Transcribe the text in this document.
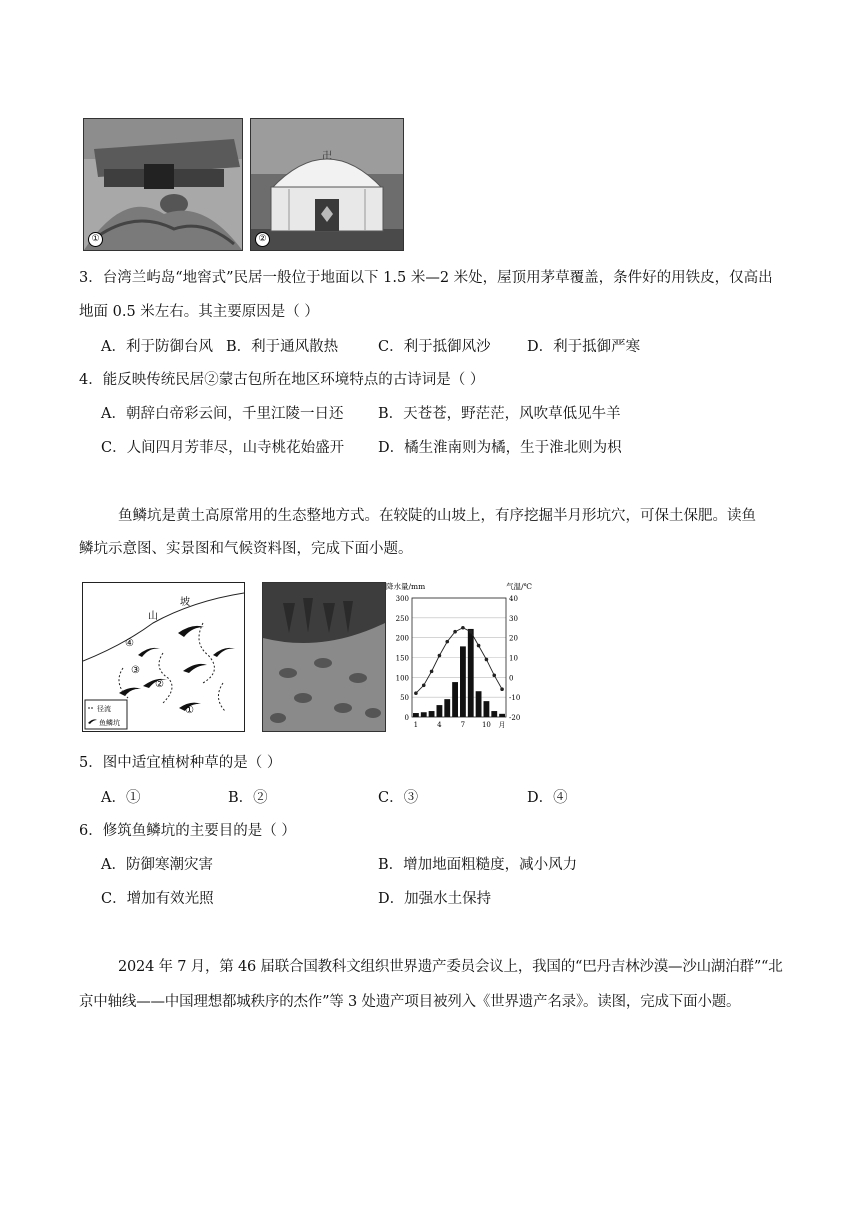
①
卍
②
3．台湾兰屿岛“地窖式”民居一般位于地面以下 1.5 米—2 米处，屋顶用茅草覆盖，条件好的用铁皮，仅高出
地面 0.5 米左右。其主要原因是（ ）
A．利于防御台风 B．利于通风散热	C．利于抵御风沙	D．利于抵御严寒
4．能反映传统民居②蒙古包所在地区环境特点的古诗词是（ ）
A．朝辞白帝彩云间，千里江陵一日还 B．天苍苍，野茫茫，风吹草低见牛羊
C．人间四月芳菲尽，山寺桃花始盛开 D．橘生淮南则为橘，生于淮北则为枳
鱼鳞坑是黄土高原常用的生态整地方式。在较陡的山坡上，有序挖掘半月形坑穴，可保土保肥。读鱼
鳞坑示意图、实景图和气候资料图，完成下面小题。
坡
山
④
③
②
①
径流
鱼鳞坑
300
250
200
150
100
50
0
40
30
20
10
0
-10
-20
1	4	7 10 月
降水量/mm	气温/℃
5．图中适宜植树种草的是（ ）
A．①	B．②	C．③	D．④
6．修筑鱼鳞坑的主要目的是（ ）
A．防御寒潮灾害	B．增加地面粗糙度，减小风力
C．增加有效光照	D．加强水土保持
2024 年 7 月，第 46 届联合国教科文组织世界遗产委员会议上，我国的“巴丹吉林沙漠—沙山湖泊群”“北
京中轴线——中国理想都城秩序的杰作”等 3 处遗产项目被列入《世界遗产名录》。读图，完成下面小题。
